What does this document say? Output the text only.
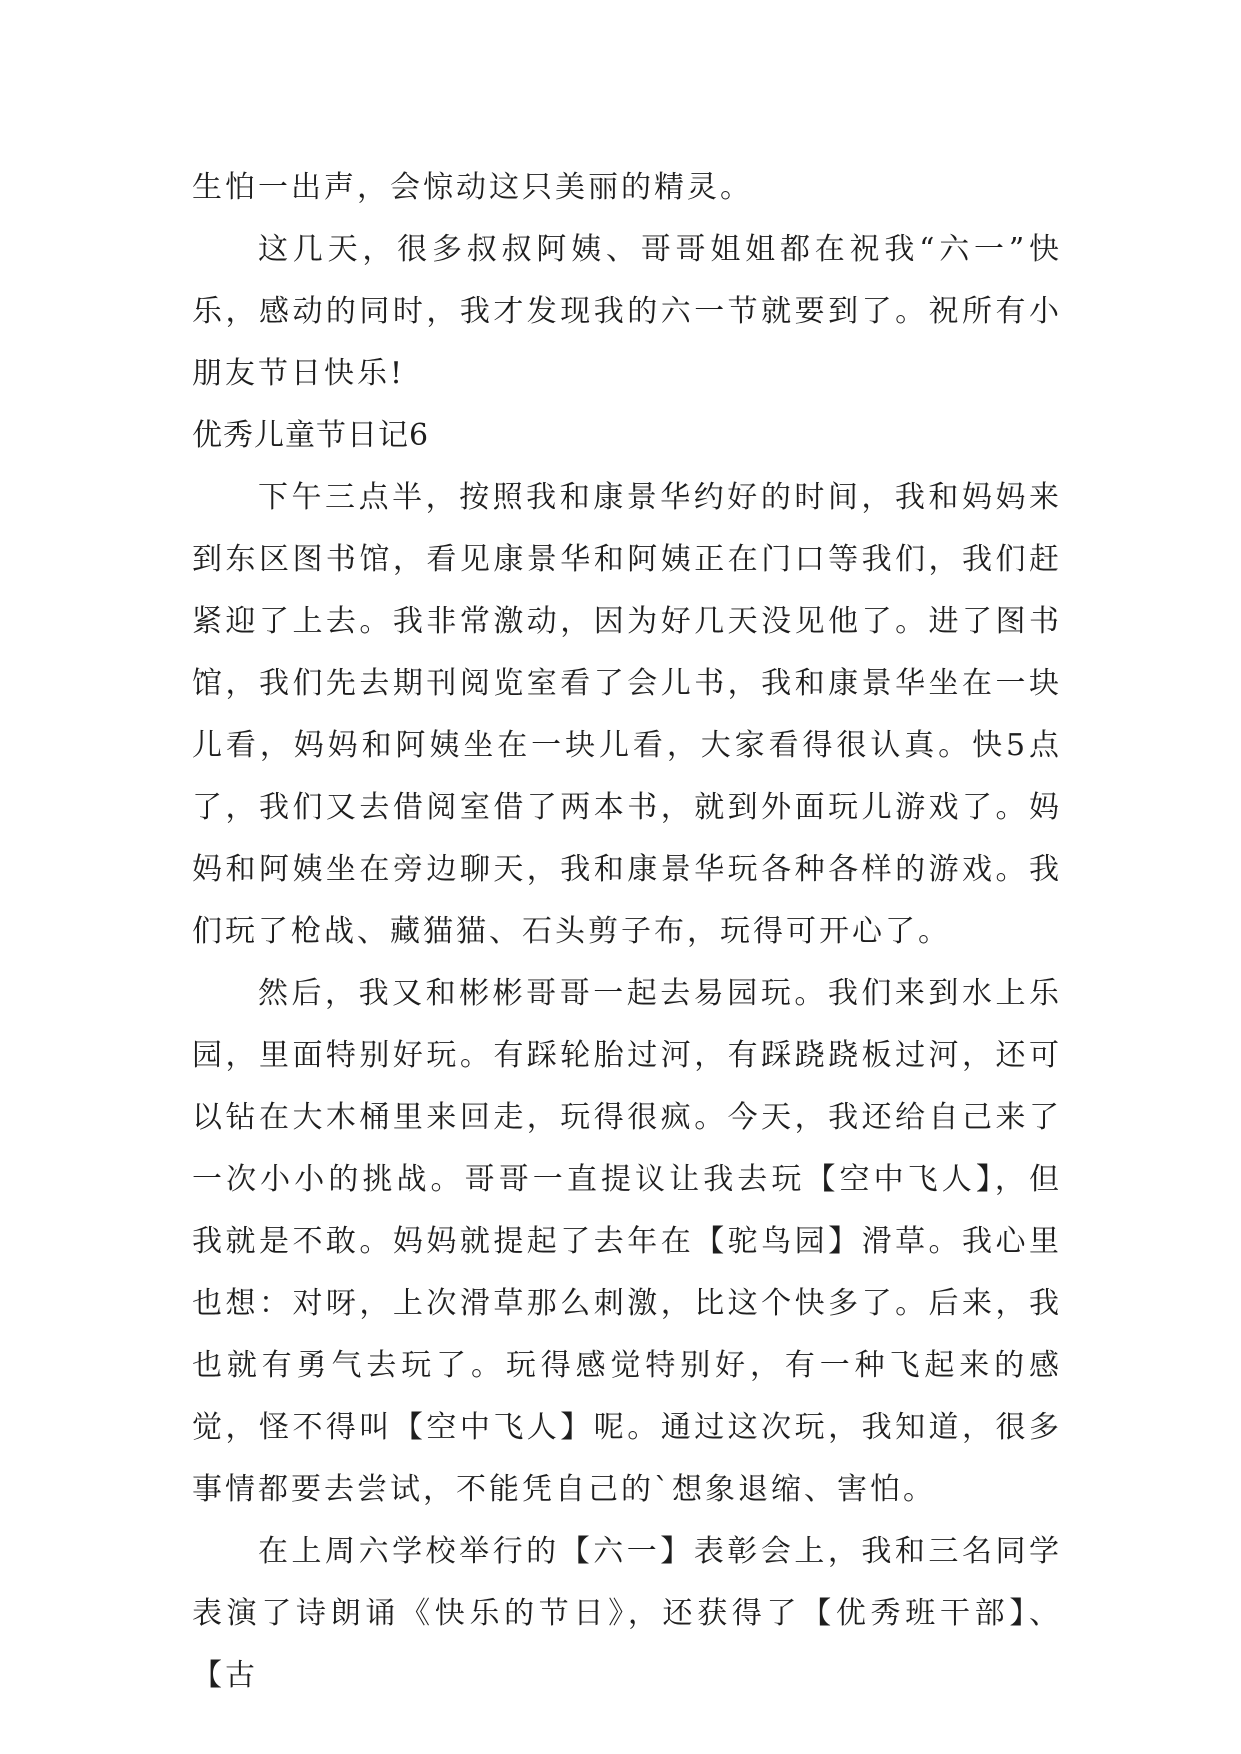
生怕一出声，会惊动这只美丽的精灵。

这几天，很多叔叔阿姨、哥哥姐姐都在祝我“六一”快乐，感动的同时，我才发现我的六一节就要到了。祝所有小朋友节日快乐!

优秀儿童节日记6

下午三点半，按照我和康景华约好的时间，我和妈妈来到东区图书馆，看见康景华和阿姨正在门口等我们，我们赶紧迎了上去。我非常激动，因为好几天没见他了。进了图书馆，我们先去期刊阅览室看了会儿书，我和康景华坐在一块儿看，妈妈和阿姨坐在一块儿看，大家看得很认真。快5点了，我们又去借阅室借了两本书，就到外面玩儿游戏了。妈妈和阿姨坐在旁边聊天，我和康景华玩各种各样的游戏。我们玩了枪战、藏猫猫、石头剪子布，玩得可开心了。

然后，我又和彬彬哥哥一起去易园玩。我们来到水上乐园，里面特别好玩。有踩轮胎过河，有踩跷跷板过河，还可以钻在大木桶里来回走，玩得很疯。今天，我还给自己来了一次小小的挑战。哥哥一直提议让我去玩【空中飞人】，但我就是不敢。妈妈就提起了去年在【驼鸟园】滑草。我心里也想：对呀，上次滑草那么刺激，比这个快多了。后来，我也就有勇气去玩了。玩得感觉特别好，有一种飞起来的感觉，怪不得叫【空中飞人】呢。通过这次玩，我知道，很多事情都要去尝试，不能凭自己的`想象退缩、害怕。

在上周六学校举行的【六一】表彰会上，我和三名同学表演了诗朗诵《快乐的节日》，还获得了【优秀班干部】、【古
